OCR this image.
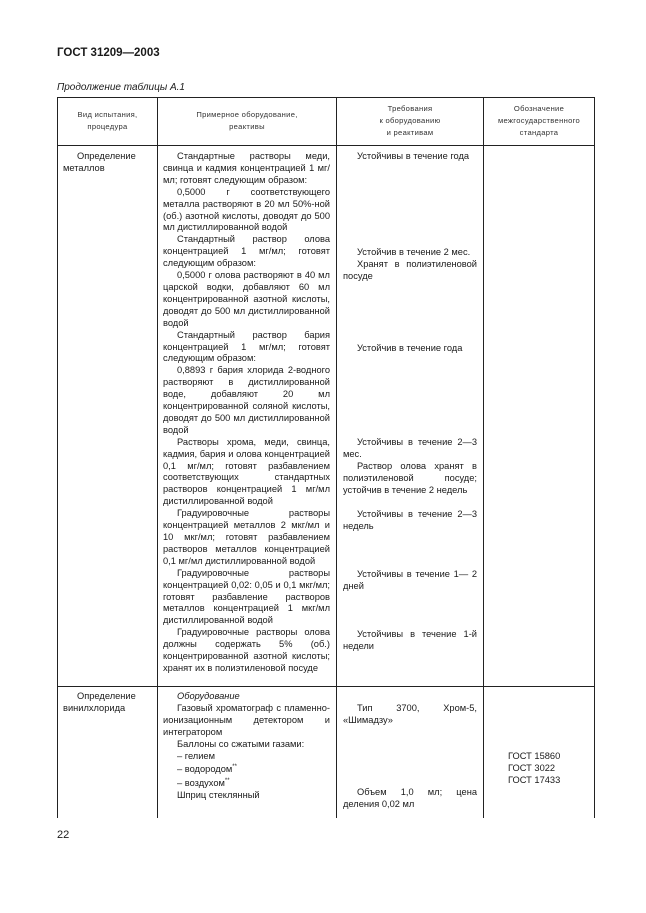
ГОСТ 31209—2003
Продолжение таблицы А.1
Вид испытания,
процедура
Примерное оборудование,
реактивы
Требования
к оборудованию
и реактивам
Обозначение
межгосударственного
стандарта
Определение металлов

Стандартные растворы меди, свинца и кадмия концентрацией 1 мг/мл; готовят следующим образом:

0,5000 г соответствующего металла растворяют в 20 мл 50%-ной (об.) азотной кислоты, доводят до 500 мл дистиллированной водой

Стандартный раствор олова концентрацией 1 мг/мл; готовят следующим образом:

0,5000 г олова растворяют в 40 мл царской водки, добавляют 60 мл концентрированной азотной кислоты, доводят до 500 мл дистиллированной водой

Стандартный раствор бария концентрацией 1 мг/мл; готовят следующим образом:

0,8893 г бария хлорида 2-водного растворяют в дистиллированной воде, добавляют 20 мл концентрированной соляной кислоты, доводят до 500 мл дистиллированной водой

Растворы хрома, меди, свинца, кадмия, бария и олова концентрацией 0,1 мг/мл; готовят разбавлением соответствующих стандартных растворов концентрацией 1 мг/мл дистиллированной водой

Градуировочные растворы концентрацией металлов 2 мкг/мл и 10 мкг/мл; готовят разбавлением растворов металлов концентрацией 0,1 мг/мл дистиллированной водой

Градуировочные растворы концентрацией 0,02: 0,05 и 0,1 мкг/мл; готовят разбавление растворов металлов концентрацией 1 мкг/мл дистиллированной водой

Градуировочные растворы олова должны содержать 5% (об.) концентрированной азотной кислоты; хранят их в полиэтиленовой посуде

Устойчивы в течение года

Устойчив в течение 2 мес.

Хранят в полиэтиленовой посуде

Устойчив в течение года

Устойчивы в течение 2—3 мес.

Раствор олова хранят в полиэтиленовой посуде; устойчив в течение 2 недель

Устойчивы в течение 2—3 недель

Устойчивы в течение 1— 2 дней

Устойчивы в течение 1-й недели

Определение винилхлорида

Оборудование

Газовый хроматограф с пламенно-ионизационным детектором и интегратором

Баллоны со сжатыми газами:

– гелием

– водородом**

– воздухом**

Шприц стеклянный

Тип 3700, Хром-5, «Шимадзу»

Объем 1,0 мл; цена деления 0,02 мл

ГОСТ 15860
ГОСТ 3022
ГОСТ 17433
22
